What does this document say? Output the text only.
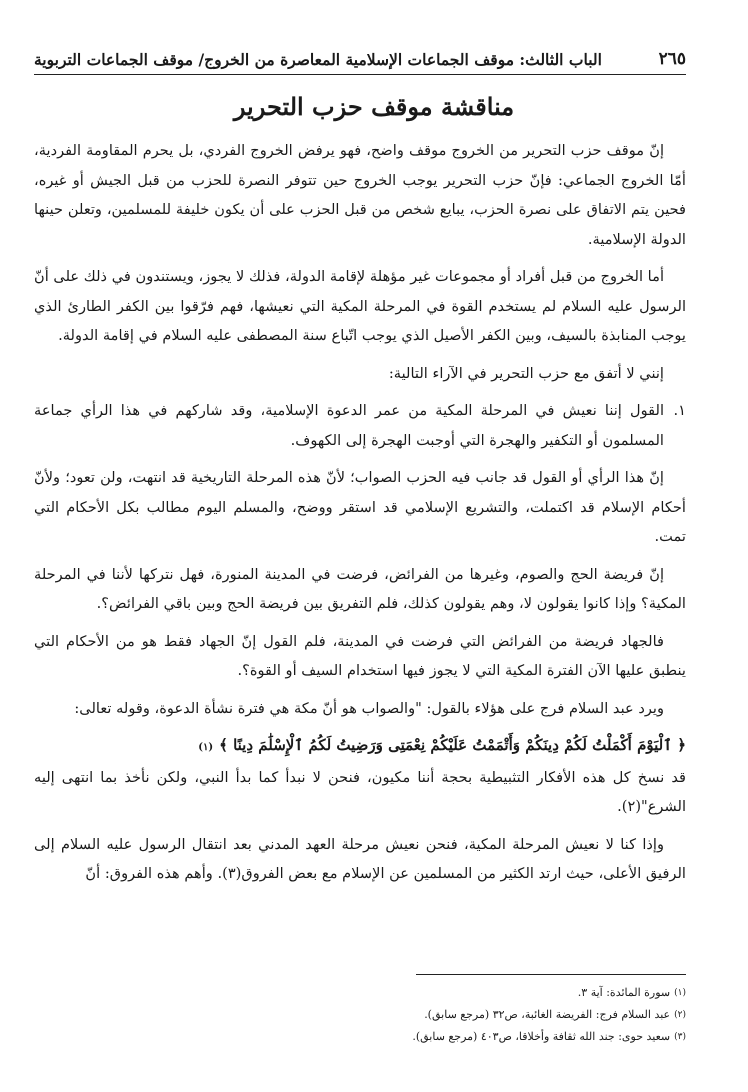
الباب الثالث: موقف الجماعات الإسلامية المعاصرة من الخروج/ موقف الجماعات التربوية	٢٦٥
مناقشة موقف حزب التحرير

إنّ موقف حزب التحرير من الخروج موقف واضح، فهو يرفض الخروج الفردي، بل يحرم المقاومة الفردية، أمّا الخروج الجماعي: فإنّ حزب التحرير يوجب الخروج حين تتوفر النصرة للحزب من قبل الجيش أو غيره، فحين يتم الاتفاق على نصرة الحزب، يبايع شخص من قبل الحزب على أن يكون خليفة للمسلمين، وتعلن حينها الدولة الإسلامية.

أما الخروج من قبل أفراد أو مجموعات غير مؤهلة لإقامة الدولة، فذلك لا يجوز، ويستندون في ذلك على أنّ الرسول عليه السلام لم يستخدم القوة في المرحلة المكية التي نعيشها، فهم فرّقوا بين الكفر الطارئ الذي يوجب المنابذة بالسيف، وبين الكفر الأصيل الذي يوجب اتّباع سنة المصطفى عليه السلام في إقامة الدولة.

إنني لا أتفق مع حزب التحرير في الآراء التالية:

١.
القول إننا نعيش في المرحلة المكية من عمر الدعوة الإسلامية، وقد شاركهم في هذا الرأي جماعة المسلمون أو التكفير والهجرة التي أوجبت الهجرة إلى الكهوف.

إنّ هذا الرأي أو القول قد جانب فيه الحزب الصواب؛ لأنّ هذه المرحلة التاريخية قد انتهت، ولن تعود؛ ولأنّ أحكام الإسلام قد اكتملت، والتشريع الإسلامي قد استقر ووضح، والمسلم اليوم مطالب بكل الأحكام التي تمت.

إنّ فريضة الحج والصوم، وغيرها من الفرائض، فرضت في المدينة المنورة، فهل نتركها لأننا في المرحلة المكية؟ وإذا كانوا يقولون لا، وهم يقولون كذلك، فلم التفريق بين فريضة الحج وبين باقي الفرائض؟.

فالجهاد فريضة من الفرائض التي فرضت في المدينة، فلم القول إنّ الجهاد فقط هو من الأحكام التي ينطبق عليها الآن الفترة المكية التي لا يجوز فيها استخدام السيف أو القوة؟.

ويرد عبد السلام فرج على هؤلاء بالقول: "والصواب هو أنّ مكة هي فترة نشأة الدعوة، وقوله تعالى:

﴿ ٱلْيَوْمَ أَكْمَلْتُ لَكُمْ دِينَكُمْ وَأَتْمَمْتُ عَلَيْكُمْ نِعْمَتِى وَرَضِيتُ لَكُمُ ٱلْإِسْلَٰمَ دِينًا ﴾
(١)

قد نسخ كل هذه الأفكار التثبيطية بحجة أننا مكيون، فنحن لا نبدأ كما بدأ النبي، ولكن نأخذ بما انتهى إليه الشرع"(٢).

وإذا كنا لا نعيش المرحلة المكية، فنحن نعيش مرحلة العهد المدني بعد انتقال الرسول عليه السلام إلى الرفيق الأعلى، حيث ارتد الكثير من المسلمين عن الإسلام مع بعض الفروق(٣). وأهم هذه الفروق: أنّ

(١)
سورة المائدة: آية ٣.
(٢)
عبد السلام فرج: الفريضة الغائبة، ص٣٢ (مرجع سابق).
(٣)
سعيد حوى: جند الله ثقافة وأخلاقا، ص٤٠٣ (مرجع سابق).
